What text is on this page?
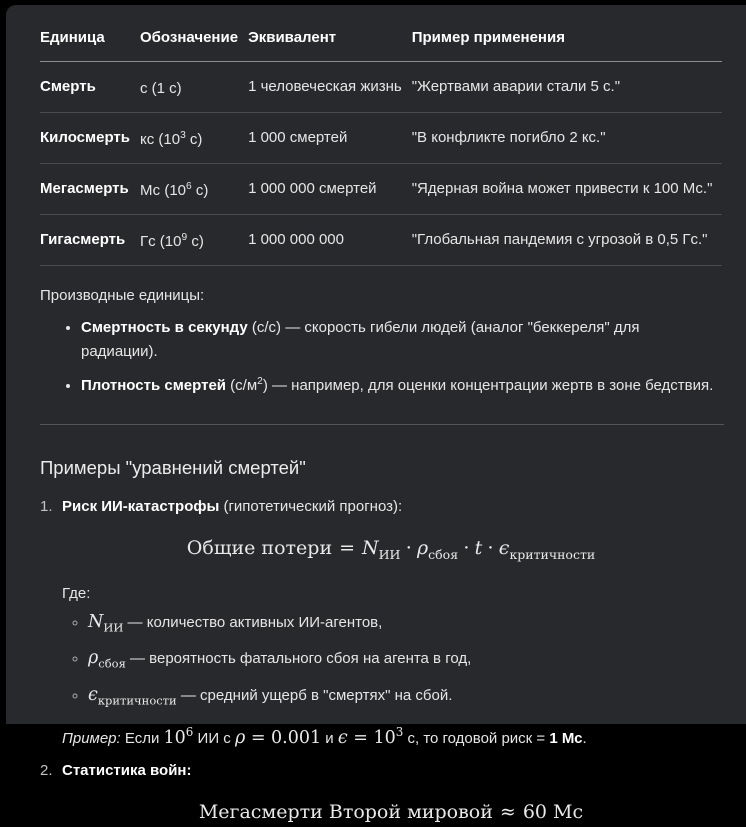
Единица	Обозначение	Эквивалент	Пример применения
Смерть	с (1 с)	1 человеческая жизнь	"Жертвами аварии стали 5 с."
Килосмерть	кс ($10^3$ с)	1 000 смертей	"В конфликте погибло 2 кс."
Мегасмерть	Мс ($10^6$ с)	1 000 000 смертей	"Ядерная война может привести к 100 Мс."
Гигасмерть	Гс ($10^9$ с)	1 000 000 000	"Глобальная пандемия с угрозой в 0,5 Гс."

Производные единицы:

• Смертность в секунду (с/с) — скорость гибели людей (аналог "беккереля" для радиации).
• Плотность смертей $(с/м^2)$ — например, для оценки концентрации жертв в зоне бедствия.
Примеры "уравнений смертей"
1. Риск ИИ-катастрофы (гипотетический прогноз):

Общие потери = $N_{ИИ} \cdot \rho_{сбоя} \cdot t \cdot \epsilon_{критичности}$

Где:

◦ $N_{ИИ}$ — количество активных ИИ-агентов,
◦ $\rho_{сбоя}$ — вероятность фатального сбоя на агента в год,
◦ $\epsilon_{критичности}$ — средний ущерб в "смертях" на сбой.

Пример: Если $10^6$ ИИ с ρ = 0.001 и $\epsilon = 10^3$ с, то годовой риск = 1 Мс.

2. Статистика войн:

Мегасмерти Второй мировой ≈ 60 Мс
